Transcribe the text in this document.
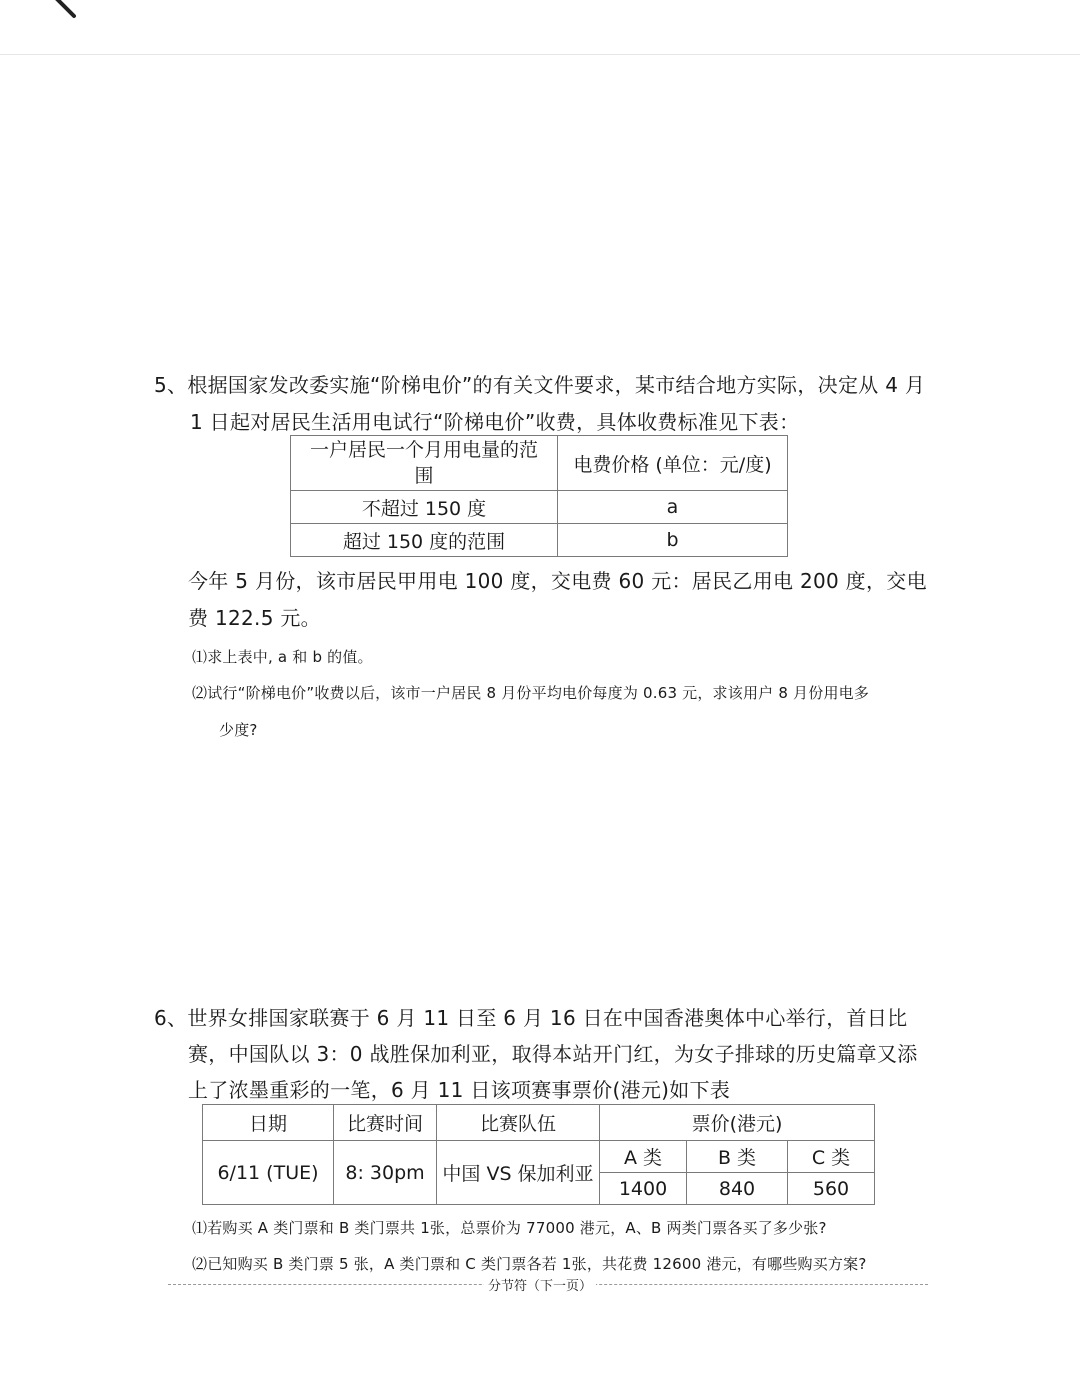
5、根据国家发改委实施“阶梯电价”的有关文件要求，某市结合地方实际，决定从 4 月
1 日起对居民生活用电试行“阶梯电价”收费，具体收费标准见下表：
一户居民一个月用电量的范
围	电费价格 (单位：元/度)
不超过 150 度	a
超过 150 度的范围	b
今年 5 月份，该市居民甲用电 100 度，交电费 60 元：居民乙用电 200 度，交电
费 122.5 元。
⑴求上表中, a 和 b 的值。
⑵试行“阶梯电价”收费以后，该市一户居民 8 月份平均电价每度为 0.63 元，求该用户 8 月份用电多
少度?
6、世界女排国家联赛于 6 月 11 日至 6 月 16 日在中国香港奥体中心举行，首日比
赛，中国队以 3：0 战胜保加利亚，取得本站开门红，为女子排球的历史篇章又添
上了浓墨重彩的一笔，6 月 11 日该项赛事票价(港元)如下表
日期	比赛时间	比赛队伍	票价(港元)		
6/11 (TUE)	8: 30pm	中国 VS 保加利亚	A 类	B 类	C 类
			1400	840	560
⑴若购买 A 类门票和 B 类门票共 1张，总票价为 77000 港元，A、B 两类门票各买了多少张?
⑵已知购买 B 类门票 5 张，A 类门票和 C 类门票各若 1张，共花费 12600 港元，有哪些购买方案?
分节符（下一页）
